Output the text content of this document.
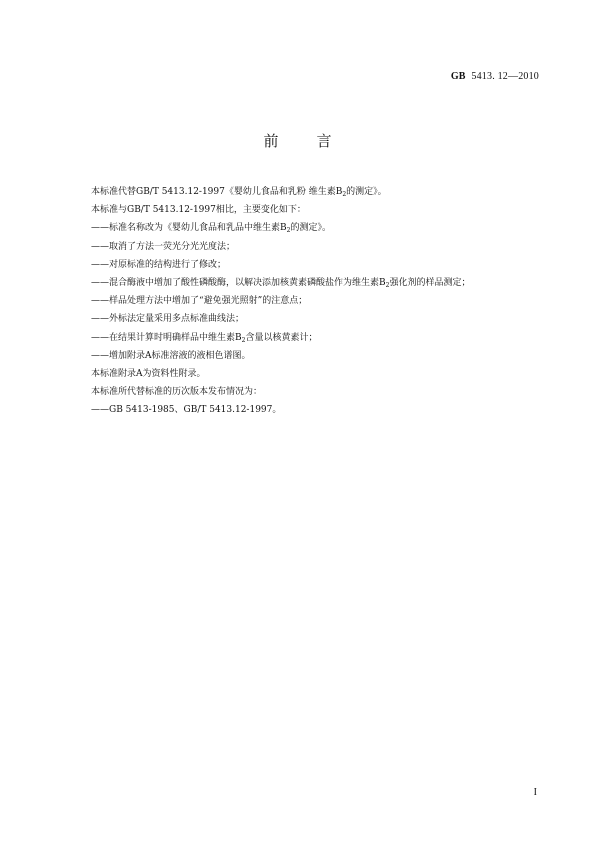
GB 5413. 12—2010
前	言
本标准代替GB/T 5413.12-1997《婴幼儿食品和乳粉 维生素$B_2$的测定》。
本标准与GB/T 5413.12-1997相比，主要变化如下：
——标准名称改为《婴幼儿食品和乳品中维生素$B_2$的测定》。
——取消了方法一荧光分光光度法；
——对原标准的结构进行了修改；
——混合酶液中增加了酸性磷酸酶，以解决添加核黄素磷酸盐作为维生素$B_2$强化剂的样品测定；
——样品处理方法中增加了“避免强光照射”的注意点；
——外标法定量采用多点标准曲线法；
——在结果计算时明确样品中维生素$B_2$含量以核黄素计；
——增加附录A标准溶液的液相色谱图。
本标准附录A为资料性附录。
本标准所代替标准的历次版本发布情况为：
——GB 5413-1985、GB/T 5413.12-1997。
I
